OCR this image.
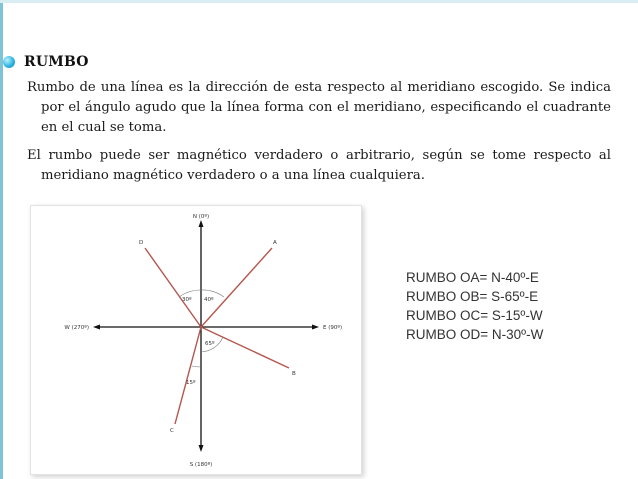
RUMBO
Rumbo de una línea es la dirección de esta respecto al meridiano escogido. Se indica por el ángulo agudo que la línea forma con el meridiano, especificando el cuadrante en el cual se toma.
El rumbo puede ser magnético verdadero o arbitrario, según se tome respecto al meridiano magnético verdadero o a una línea cualquiera.
N (0º)
S (180º)
E (90º)
W (270º)
A
D
B
C
30º 40º
65º
15º
RUMBO OA= N-40º-E
RUMBO OB= S-65º-E
RUMBO OC= S-15º-W
RUMBO OD= N-30º-W
